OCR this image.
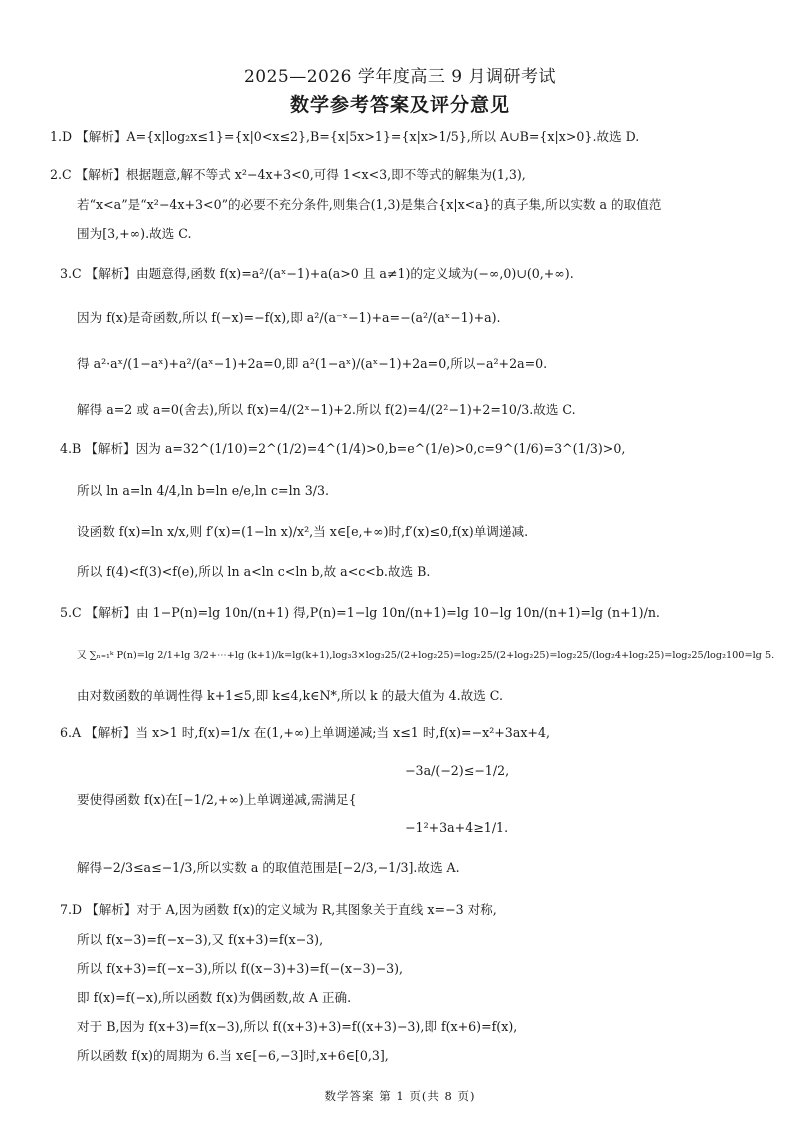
2025—2026 学年度高三 9 月调研考试
数学参考答案及评分意见
1.D 【解析】A={x|log₂x≤1}={x|0<x≤2},B={x|5x>1}={x|x>1/5},所以 A∪B={x|x>0}.故选 D.
2.C 【解析】根据题意,解不等式 x²−4x+3<0,可得 1<x<3,即不等式的解集为(1,3),
若“x<a”是“x²−4x+3<0”的必要不充分条件,则集合(1,3)是集合{x|x<a}的真子集,所以实数 a 的取值范
围为[3,+∞).故选 C.
3.C 【解析】由题意得,函数 f(x)=a²/(aˣ−1)+a(a>0 且 a≠1)的定义域为(−∞,0)∪(0,+∞).
因为 f(x)是奇函数,所以 f(−x)=−f(x),即 a²/(a⁻ˣ−1)+a=−(a²/(aˣ−1)+a).
得 a²·aˣ/(1−aˣ)+a²/(aˣ−1)+2a=0,即 a²(1−aˣ)/(aˣ−1)+2a=0,所以−a²+2a=0.
解得 a=2 或 a=0(舍去),所以 f(x)=4/(2ˣ−1)+2.所以 f(2)=4/(2²−1)+2=10/3.故选 C.
4.B 【解析】因为 a=32^(1/10)=2^(1/2)=4^(1/4)>0,b=e^(1/e)>0,c=9^(1/6)=3^(1/3)>0,
所以 ln a=ln 4/4,ln b=ln e/e,ln c=ln 3/3.
设函数 f(x)=ln x/x,则 f′(x)=(1−ln x)/x²,当 x∈[e,+∞)时,f′(x)≤0,f(x)单调递减.
所以 f(4)<f(3)<f(e),所以 ln a<ln c<ln b,故 a<c<b.故选 B.
5.C 【解析】由 1−P(n)=lg 10n/(n+1) 得,P(n)=1−lg 10n/(n+1)=lg 10−lg 10n/(n+1)=lg (n+1)/n.
又 ∑ₙ₌₁ᵏ P(n)=lg 2/1+lg 3/2+⋯+lg (k+1)/k=lg(k+1),log₃3×log₃25/(2+log₂25)=log₂25/(2+log₂25)=log₂25/(log₂4+log₂25)=log₂25/log₂100=lg 5.
由对数函数的单调性得 k+1≤5,即 k≤4,k∈N*,所以 k 的最大值为 4.故选 C.
6.A 【解析】当 x>1 时,f(x)=1/x 在(1,+∞)上单调递减;当 x≤1 时,f(x)=−x²+3ax+4,
−3a/(−2)≤−1/2,
要使得函数 f(x)在[−1/2,+∞)上单调递减,需满足{
−1²+3a+4≥1/1.
解得−2/3≤a≤−1/3,所以实数 a 的取值范围是[−2/3,−1/3].故选 A.
7.D 【解析】对于 A,因为函数 f(x)的定义域为 R,其图象关于直线 x=−3 对称,
所以 f(x−3)=f(−x−3),又 f(x+3)=f(x−3),
所以 f(x+3)=f(−x−3),所以 f((x−3)+3)=f(−(x−3)−3),
即 f(x)=f(−x),所以函数 f(x)为偶函数,故 A 正确.
对于 B,因为 f(x+3)=f(x−3),所以 f((x+3)+3)=f((x+3)−3),即 f(x+6)=f(x),
所以函数 f(x)的周期为 6.当 x∈[−6,−3]时,x+6∈[0,3],
数学答案 第 1 页(共 8 页)
